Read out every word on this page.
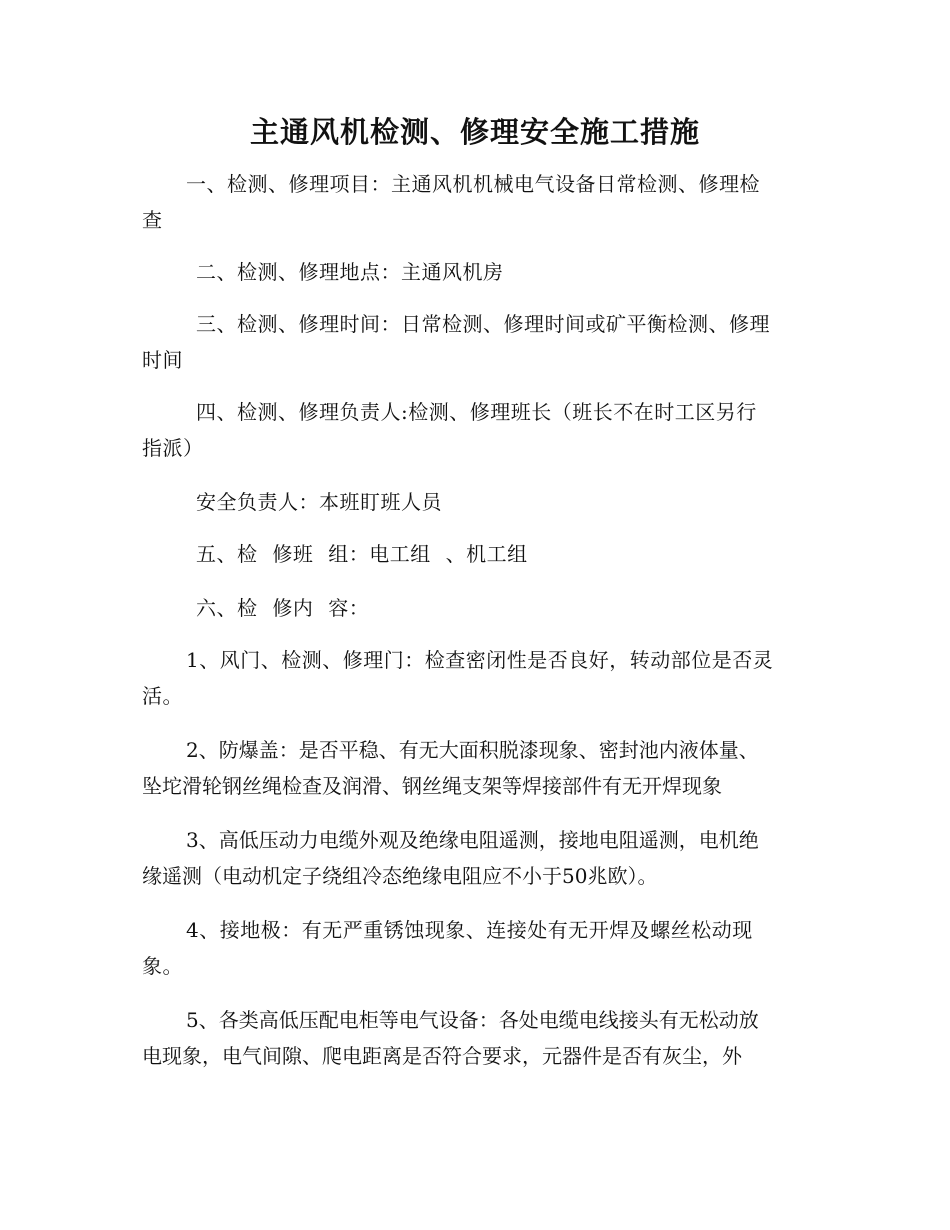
主通风机检测、修理安全施工措施
一、检测、修理项目：主通风机机械电气设备日常检测、修理检
查
二、检测、修理地点：主通风机房
三、检测、修理时间：日常检测、修理时间或矿平衡检测、修理
时间
四、检测、修理负责人:检测、修理班长（班长不在时工区另行
指派）
安全负责人：本班盯班人员
五、检 修班 组：电工组 、机工组
六、检 修内 容：
1、风门、检测、修理门：检查密闭性是否良好，转动部位是否灵
活。
2、防爆盖：是否平稳、有无大面积脱漆现象、密封池内液体量、
坠坨滑轮钢丝绳检查及润滑、钢丝绳支架等焊接部件有无开焊现象
3、高低压动力电缆外观及绝缘电阻遥测，接地电阻遥测，电机绝
缘遥测（电动机定子绕组冷态绝缘电阻应不小于50兆欧）。
4、接地极：有无严重锈蚀现象、连接处有无开焊及螺丝松动现
象。
5、各类高低压配电柜等电气设备：各处电缆电线接头有无松动放
电现象，电气间隙、爬电距离是否符合要求，元器件是否有灰尘，外
